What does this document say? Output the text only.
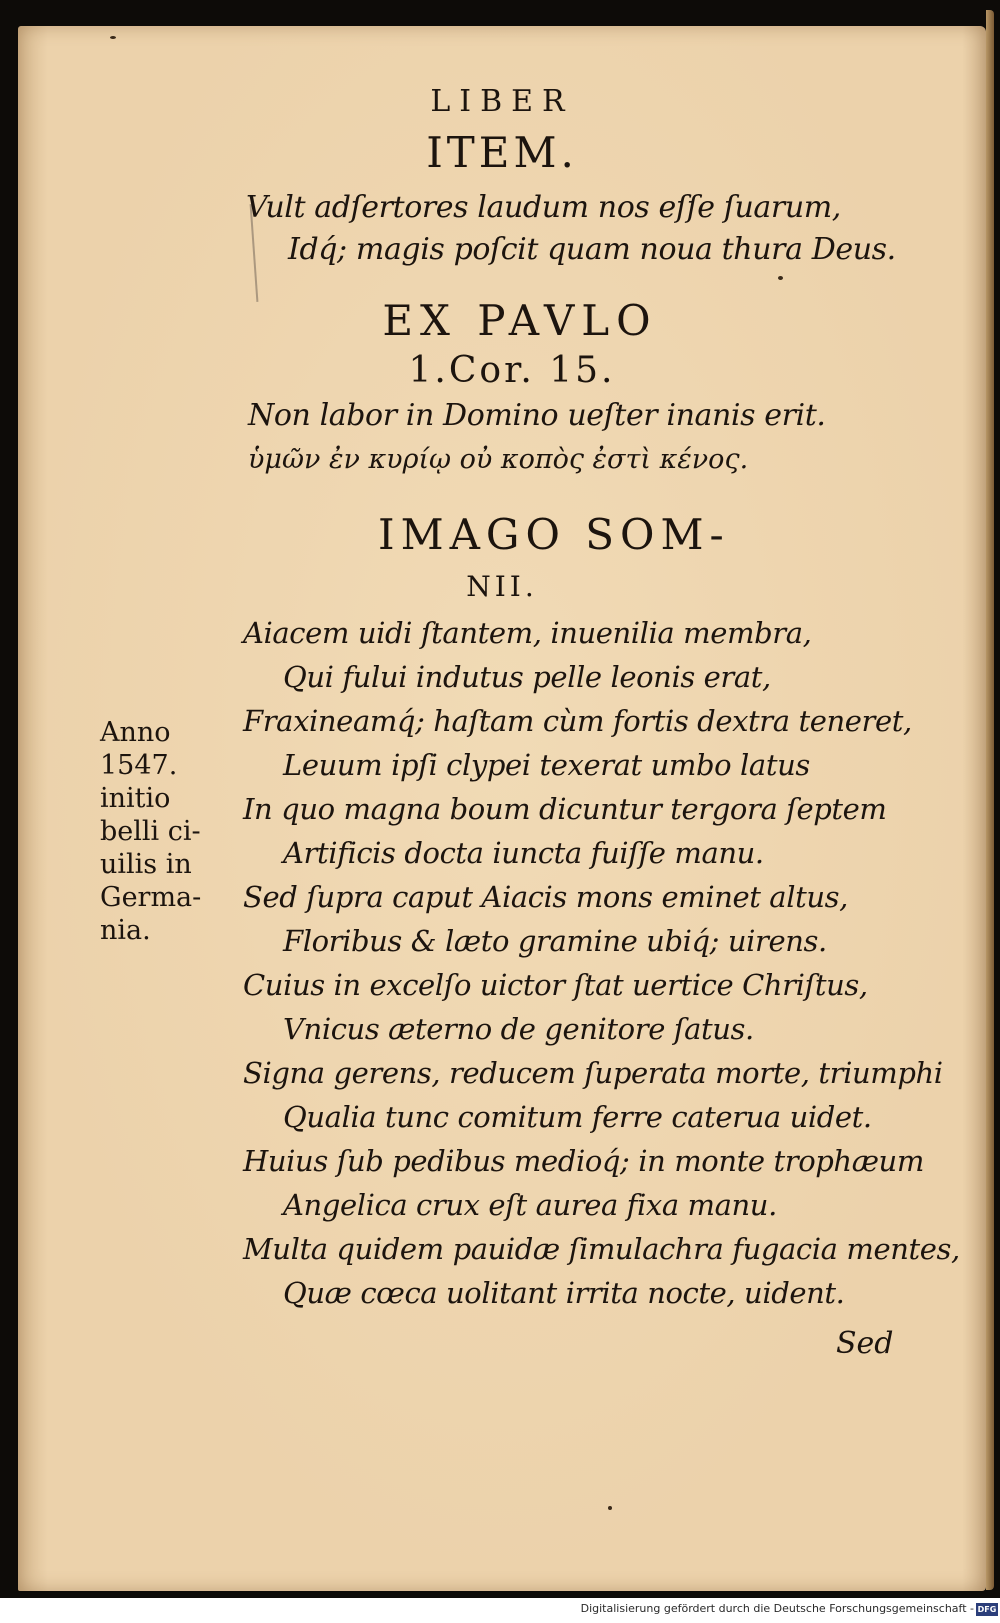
LIBER
ITEM.
Vult adſertores laudum nos eſſe ſuarum,
Idq́; magis poſcit quam noua thura Deus.
EX PAVLO
1.Cor. 15.
Non labor in Domino ueſter inanis erit.
ὑμῶν ἐν κυρίῳ οὐ κοπὸς ἐστὶ κένος.
IMAGO SOM-
NII.
Aiacem uidi ſtantem, inuenilia membra,
Qui fului indutus pelle leonis erat,
Fraxineamq́; haſtam cùm fortis dextra teneret,
Leuum ipſi clypei texerat umbo latus
In quo magna boum dicuntur tergora ſeptem
Artificis docta iuncta fuiſſe manu.
Sed ſupra caput Aiacis mons eminet altus,
Floribus & læto gramine ubiq́; uirens.
Cuius in excelſo uictor ſtat uertice Chriſtus,
Vnicus æterno de genitore ſatus.
Signa gerens, reducem ſuperata morte, triumphi
Qualia tunc comitum ferre caterua uidet.
Huius ſub pedibus medioq́; in monte trophæum
Angelica crux eſt aurea fixa manu.
Multa quidem pauidæ ſimulachra fugacia mentes,
Quæ cœca uolitant irrita nocte, uident.
Anno
1547.
initio
belli ci-
uilis in
Germa-
nia.
Sed
Digitalisierung gefördert durch die Deutsche Forschungsgemeinschaft - DFG
